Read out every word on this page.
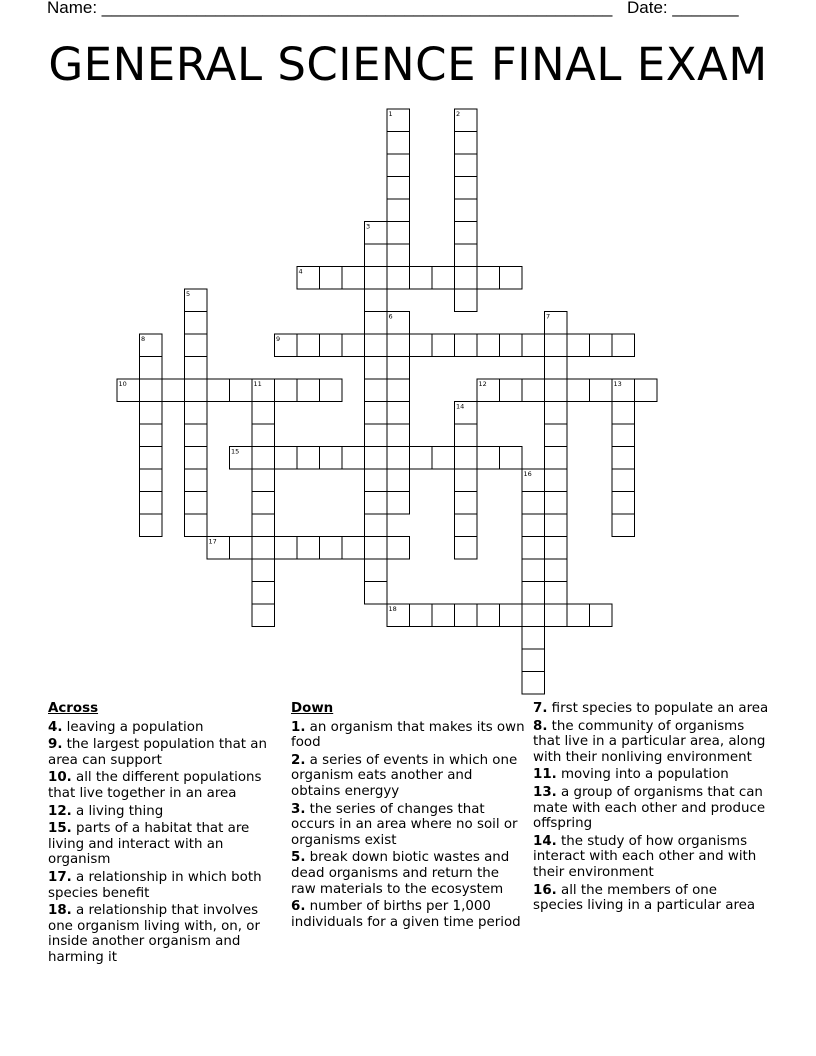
Name: ______________________________________________________ Date: _______
GENERAL SCIENCE FINAL EXAM
1	2
3
4
5
6	7
8	9
10	11	12	13
14
15
16
17
18
Across
4. leaving a population
9. the largest population that an area can support
10. all the different populations that live together in an area
12. a living thing
15. parts of a habitat that are living and interact with an organism
17. a relationship in which both species benefit
18. a relationship that involves one organism living with, on, or inside another organism and harming it
Down
1. an organism that makes its own food
2. a series of events in which one organism eats another and obtains energyy
3. the series of changes that occurs in an area where no soil or organisms exist
5. break down biotic wastes and dead organisms and return the raw materials to the ecosystem
6. number of births per 1,000 individuals for a given time period
7. first species to populate an area
8. the community of organisms that live in a particular area, along with their nonliving environment
11. moving into a population
13. a group of organisms that can mate with each other and produce offspring
14. the study of how organisms interact with each other and with their environment
16. all the members of one species living in a particular area
